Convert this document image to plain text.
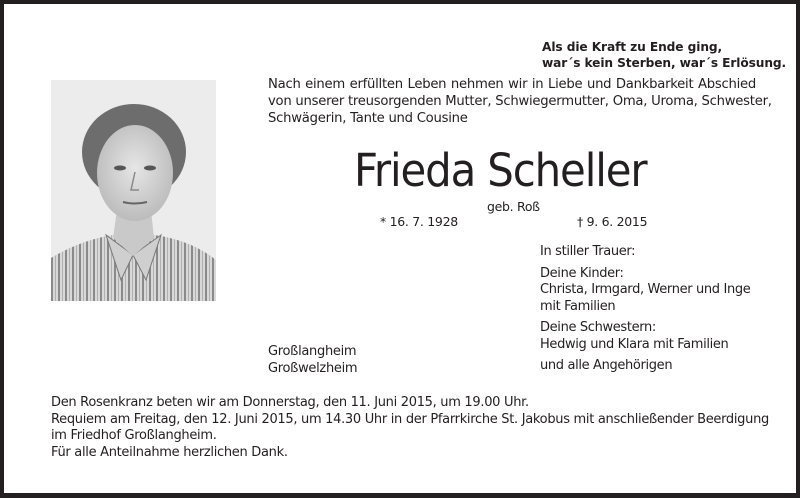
Als die Kraft zu Ende ging,
war´s kein Sterben, war´s Erlösung.
Nach einem erfüllten Leben nehmen wir in Liebe und Dankbarkeit Abschied
von unserer treusorgenden Mutter, Schwiegermutter, Oma, Uroma, Schwester,
Schwägerin, Tante und Cousine
Frieda Scheller
geb. Roß
* 16. 7. 1928	† 9. 6. 2015
In stiller Trauer:
Deine Kinder:
Christa, Irmgard, Werner und Inge
mit Familien
Deine Schwestern:
Hedwig und Klara mit Familien
und alle Angehörigen
Großlangheim
Großwelzheim
Den Rosenkranz beten wir am Donnerstag, den 11. Juni 2015, um 19.00 Uhr.
Requiem am Freitag, den 12. Juni 2015, um 14.30 Uhr in der Pfarrkirche St. Jakobus mit anschließender Beerdigung
im Friedhof Großlangheim.
Für alle Anteilnahme herzlichen Dank.
